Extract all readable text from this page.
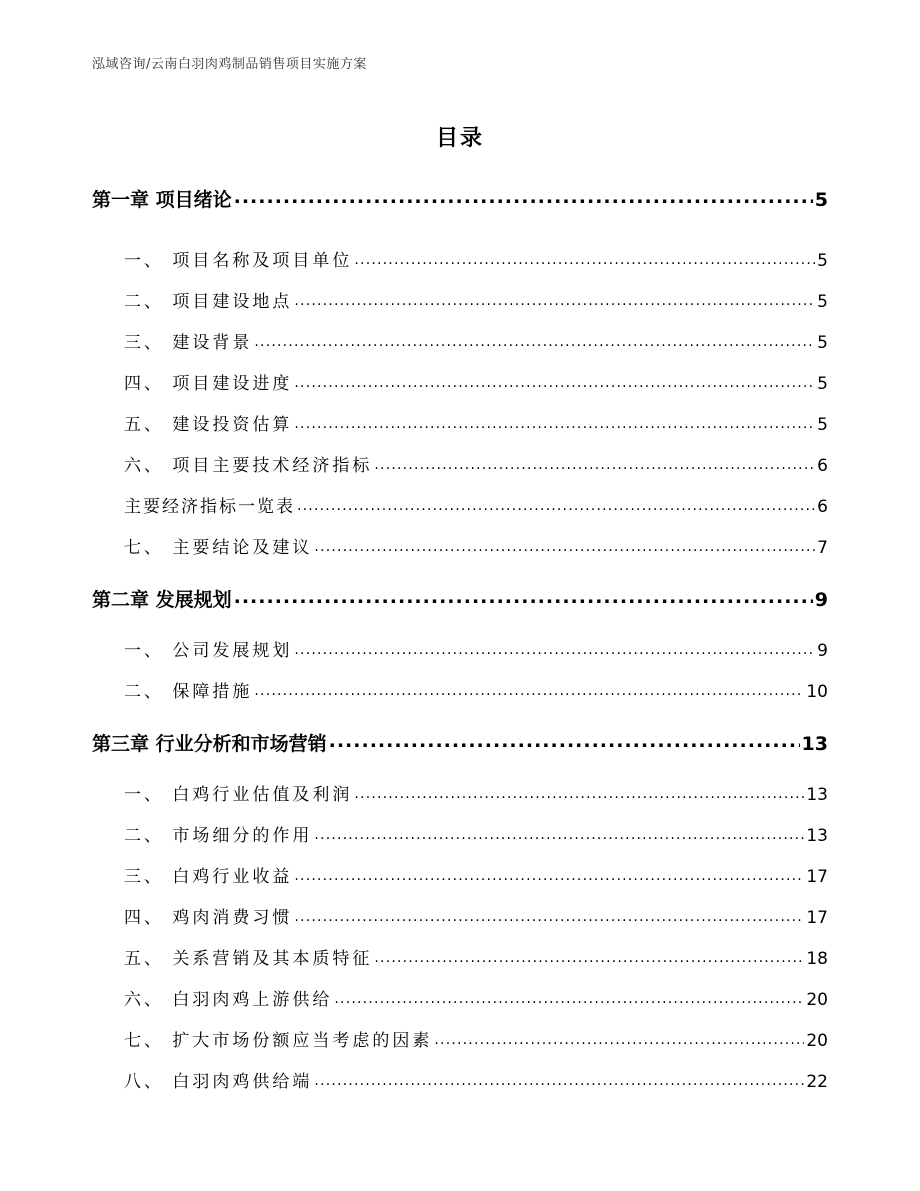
泓域咨询/云南白羽肉鸡制品销售项目实施方案
目录
第一章 项目绪论 .....	5
一、 项目名称及项目单位 .....	5
二、 项目建设地点 .....	5
三、 建设背景 .....	5
四、 项目建设进度 .....	5
五、 建设投资估算 .....	5
六、 项目主要技术经济指标 .....	6
主要经济指标一览表 .....	6
七、 主要结论及建议 .....	7
第二章 发展规划 .....	9
一、 公司发展规划 .....	9
二、 保障措施 .....	10
第三章 行业分析和市场营销 .....	13
一、 白鸡行业估值及利润 .....	13
二、 市场细分的作用 .....	13
三、 白鸡行业收益 .....	17
四、 鸡肉消费习惯 .....	17
五、 关系营销及其本质特征 .....	18
六、 白羽肉鸡上游供给 .....	20
七、 扩大市场份额应当考虑的因素 .....	20
八、 白羽肉鸡供给端 .....	22
